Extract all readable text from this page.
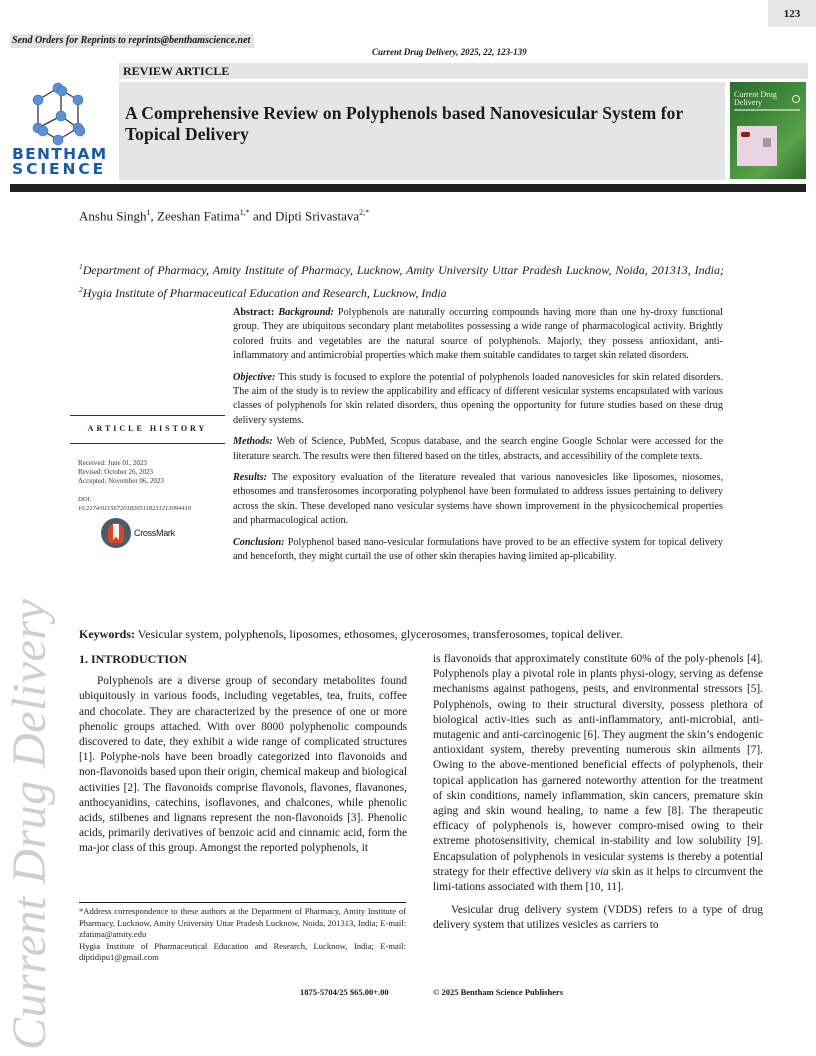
123
Send Orders for Reprints to reprints@benthamscience.net
Current Drug Delivery, 2025, 22, 123-139
BENTHAM
SCIENCE
REVIEW ARTICLE
A Comprehensive Review on Polyphenols based Nanovesicular System for Topical Delivery
Current Drug Delivery
Anshu Singh$^1$, Zeeshan Fatima$^{1,*}$ and Dipti Srivastava$^{2,*}$
$^1$Department of Pharmacy, Amity Institute of Pharmacy, Lucknow, Amity University Uttar Pradesh Lucknow, Noida, 201313, India; $^2$Hygia Institute of Pharmaceutical Education and Research, Lucknow, India

Abstract: Background: Polyphenols are naturally occurring compounds having more than one hy-droxy functional group. They are ubiquitous secondary plant metabolites possessing a wide range of pharmacological activity. Brightly colored fruits and vegetables are the natural source of polyphenols. Majorly, they possess antioxidant, anti-inflammatory and antimicrobial properties which make them suitable candidates to target skin related disorders.

Objective: This study is focused to explore the potential of polyphenols loaded nanovesicles for skin related disorders. The aim of the study is to review the applicability and efficacy of different vesicular systems encapsulated with various classes of polyphenols for skin related disorders, thus opening the opportunity for future studies based on these drug delivery systems.

Methods: Web of Science, PubMed, Scopus database, and the search engine Google Scholar were accessed for the literature search. The results were then filtered based on the titles, abstracts, and accessibility of the complete texts.

Results: The expository evaluation of the literature revealed that various nanovesicles like liposomes, niosomes, ethosomes and transferosomes incorporating polyphenol have been formulated to address issues pertaining to delivery across the skin. These developed nano vesicular systems have shown improvement in the physicochemical properties and pharmacological action.

Conclusion: Polyphenol based nano-vesicular formulations have proved to be an effective system for topical delivery and henceforth, they might curtail the use of other skin therapies having limited ap-plicability.

ARTICLE HISTORY
Received: June 01, 2023
Revised: October 26, 2023
Accepted: November 06, 2023
DOI:
10.2174/0115672018265118231213094410
CrossMark
Keywords: Vesicular system, polyphenols, liposomes, ethosomes, glycerosomes, transferosomes, topical deliver.
1. INTRODUCTION

Polyphenols are a diverse group of secondary metabolites found ubiquitously in various foods, including vegetables, tea, fruits, coffee and chocolate. They are characterized by the presence of one or more phenolic groups attached. With over 8000 polyphenolic compounds discovered to date, they exhibit a wide range of complicated structures [1]. Polyphe-nols have been broadly categorized into flavonoids and non-flavonoids based upon their origin, chemical makeup and biological activities [2]. The flavonoids comprise flavonols, flavones, flavanones, anthocyanidins, catechins, isoflavones, and chalcones, while phenolic acids, stilbenes and lignans represent the non-flavonoids [3]. Phenolic acids, primarily derivatives of benzoic acid and cinnamic acid, form the ma-jor class of this group. Amongst the reported polyphenols, it

is flavonoids that approximately constitute 60% of the poly-phenols [4]. Polyphenols play a pivotal role in plants physi-ology, serving as defense mechanisms against pathogens, pests, and environmental stressors [5]. Polyphenols, owing to their structural diversity, possess plethora of biological activ-ities such as anti-inflammatory, anti-microbial, anti-mutagenic and anti-carcinogenic [6]. They augment the skin’s endogenic antioxidant system, thereby preventing numerous skin ailments [7]. Owing to the above-mentioned beneficial effects of polyphenols, their topical application has garnered noteworthy attention for the treatment of skin conditions, namely inflammation, skin cancers, premature skin aging and skin wound healing, to name a few [8]. The therapeutic efficacy of polyphenols is, however compro-mised owing to their extreme photosensitivity, chemical in-stability and low solubility [9]. Encapsulation of polyphenols in vesicular systems is thereby a potential strategy for their effective delivery via skin as it helps to circumvent the limi-tations associated with them [10, 11].

Vesicular drug delivery system (VDDS) refers to a type of drug delivery system that utilizes vesicles as carriers to

*Address correspondence to these authors at the Department of Pharmacy, Amity Institute of Pharmacy, Lucknow, Amity University Uttar Pradesh Lucknow, Noida, 201313, India; E-mail: zfatima@amity.edu
Hygia Institute of Pharmaceutical Education and Research, Lucknow, India; E-mail: diptidipu1@gmail.com
1875-5704/25 $65.00+.00	© 2025 Bentham Science Publishers
Current Drug Delivery
